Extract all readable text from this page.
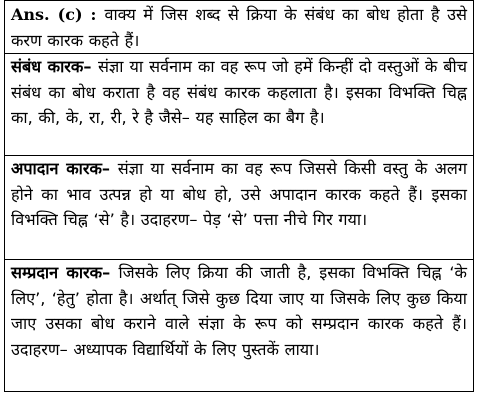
Ans. (c) : वाक्य में जिस शब्द से क्रिया के संबंध का बोध होता है उसे करण कारक कहते हैं।
संबंध कारक– संज्ञा या सर्वनाम का वह रूप जो हमें किन्हीं दो वस्तुओं के बीच संबंध का बोध कराता है वह संबंध कारक कहलाता है। इसका विभक्ति चिह्न का, की, के, रा, री, रे है जैसे– यह साहिल का बैग है।
अपादान कारक– संज्ञा या सर्वनाम का वह रूप जिससे किसी वस्तु के अलग होने का भाव उत्पन्न हो या बोध हो, उसे अपादान कारक कहते हैं। इसका विभक्ति चिह्न ‘से’ है। उदाहरण– पेड़ ‘से’ पत्ता नीचे गिर गया।
सम्प्रदान कारक– जिसके लिए क्रिया की जाती है, इसका विभक्ति चिह्न ‘के लिए’, ‘हेतु’ होता है। अर्थात् जिसे कुछ दिया जाए या जिसके लिए कुछ किया जाए उसका बोध कराने वाले संज्ञा के रूप को सम्प्रदान कारक कहते हैं। उदाहरण– अध्यापक विद्यार्थियों के लिए पुस्तकें लाया।
